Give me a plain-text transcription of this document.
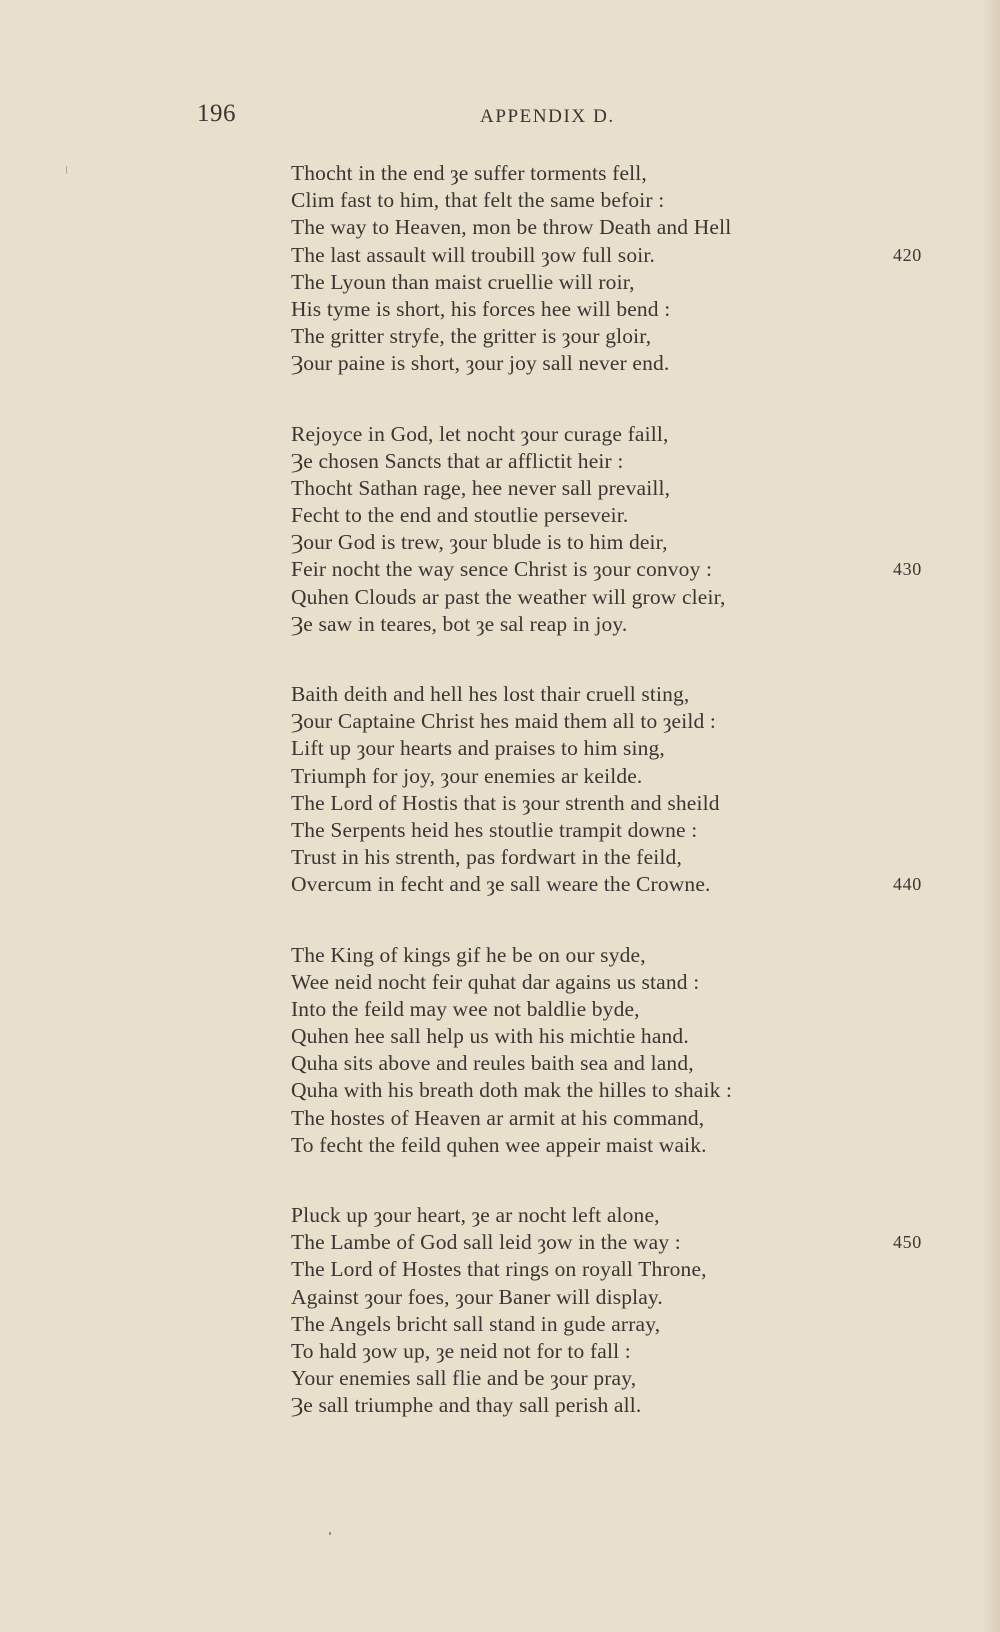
196	APPENDIX D.
Thocht in the end ȝe suffer torments fell,
Clim fast to him, that felt the same befoir :
The way to Heaven, mon be throw Death and Hell
The last assault will troubill ȝow full soir.	420
The Lyoun than maist cruellie will roir,
His tyme is short, his forces hee will bend :
The gritter stryfe, the gritter is ȝour gloir,
Ȝour paine is short, ȝour joy sall never end.
Rejoyce in God, let nocht ȝour curage faill,
Ȝe chosen Sancts that ar afflictit heir :
Thocht Sathan rage, hee never sall prevaill,
Fecht to the end and stoutlie perseveir.
Ȝour God is trew, ȝour blude is to him deir,
Feir nocht the way sence Christ is ȝour convoy :	430
Quhen Clouds ar past the weather will grow cleir,
Ȝe saw in teares, bot ȝe sal reap in joy.
Baith deith and hell hes lost thair cruell sting,
Ȝour Captaine Christ hes maid them all to ȝeild :
Lift up ȝour hearts and praises to him sing,
Triumph for joy, ȝour enemies ar keilde.
The Lord of Hostis that is ȝour strenth and sheild
The Serpents heid hes stoutlie trampit downe :
Trust in his strenth, pas fordwart in the feild,
Overcum in fecht and ȝe sall weare the Crowne.	440
The King of kings gif he be on our syde,
Wee neid nocht feir quhat dar agains us stand :
Into the feild may wee not baldlie byde,
Quhen hee sall help us with his michtie hand.
Quha sits above and reules baith sea and land,
Quha with his breath doth mak the hilles to shaik :
The hostes of Heaven ar armit at his command,
To fecht the feild quhen wee appeir maist waik.
Pluck up ȝour heart, ȝe ar nocht left alone,
The Lambe of God sall leid ȝow in the way :	450
The Lord of Hostes that rings on royall Throne,
Against ȝour foes, ȝour Baner will display.
The Angels bricht sall stand in gude array,
To hald ȝow up, ȝe neid not for to fall :
Your enemies sall flie and be ȝour pray,
Ȝe sall triumphe and thay sall perish all.
